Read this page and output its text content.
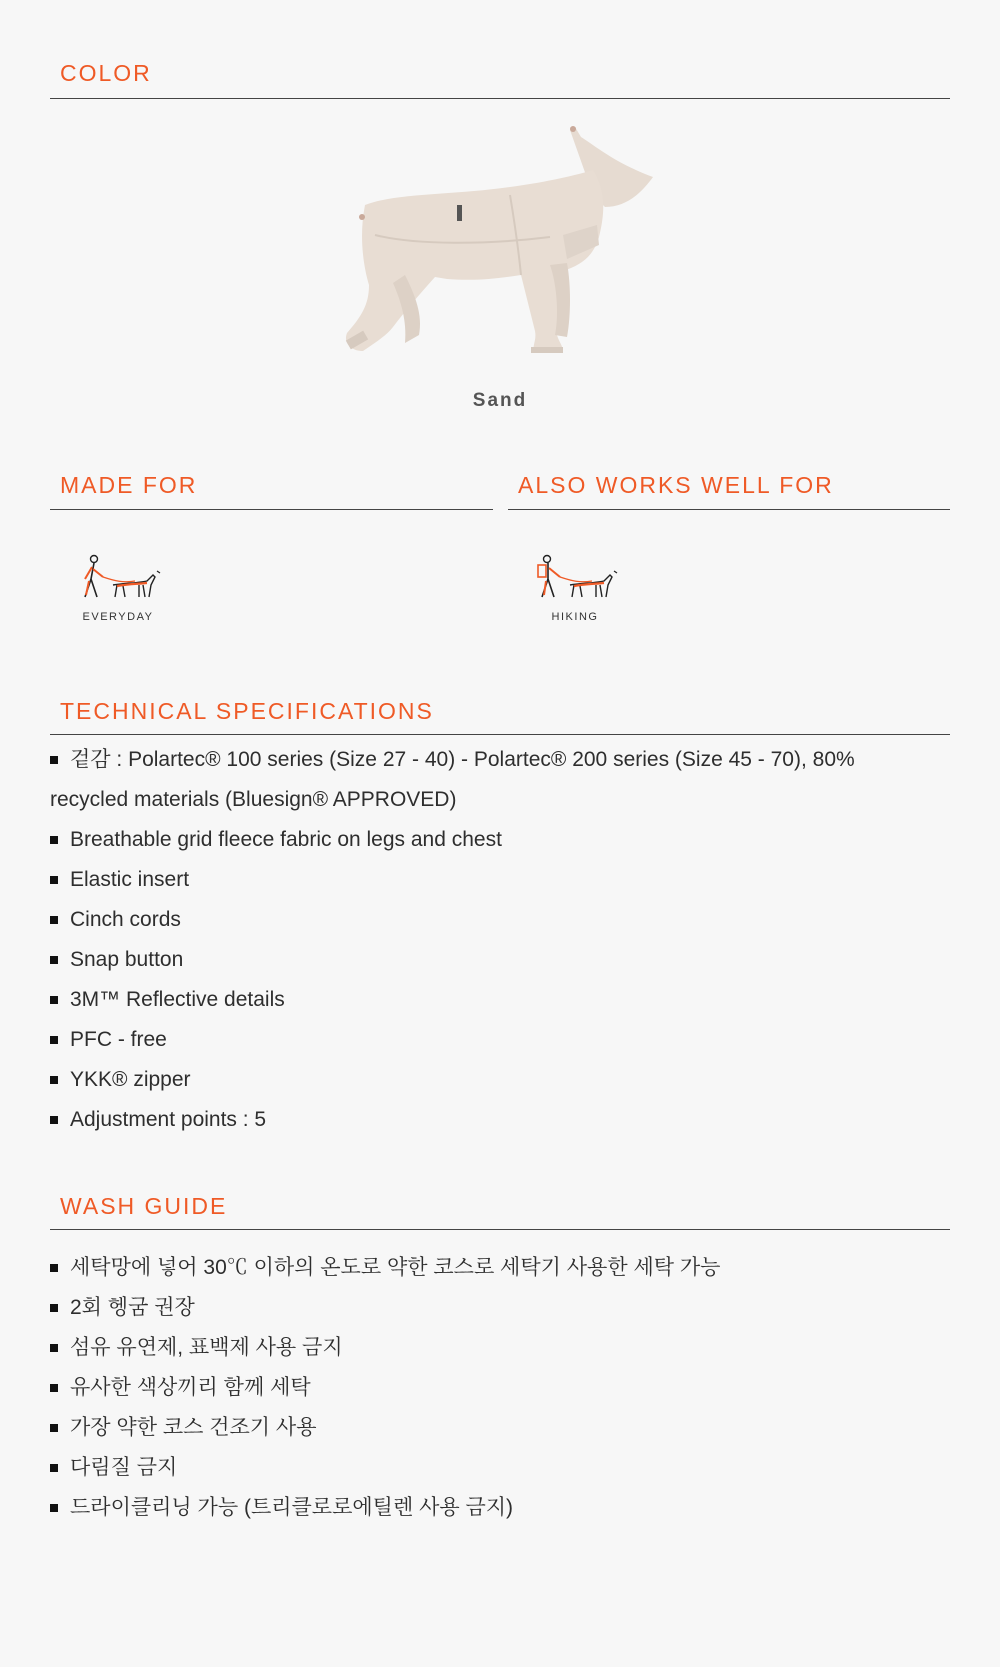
COLOR
Sand
MADE FOR
EVERYDAY
ALSO WORKS WELL FOR
HIKING
TECHNICAL SPECIFICATIONS
겉감 : Polartec® 100 series (Size 27 - 40) - Polartec® 200 series (Size 45 - 70), 80%
recycled materials (Bluesign® APPROVED)
Breathable grid fleece fabric on legs and chest
Elastic insert
Cinch cords
Snap button
3M™ Reflective details
PFC - free
YKK® zipper
Adjustment points : 5
WASH GUIDE
세탁망에 넣어 30℃ 이하의 온도로 약한 코스로 세탁기 사용한 세탁 가능
2회 헹굼 권장
섬유 유연제, 표백제 사용 금지
유사한 색상끼리 함께 세탁
가장 약한 코스 건조기 사용
다림질 금지
드라이클리닝 가능 (트리클로로에틸렌 사용 금지)
